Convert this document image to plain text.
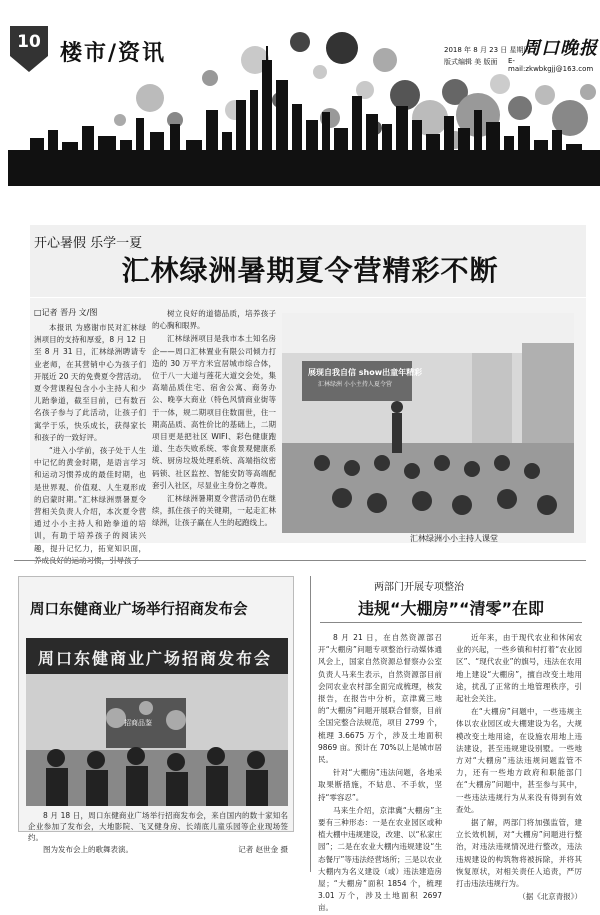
10 楼市/资讯	2018 年 8 月 23 日 星期四
周口晚报
版式编辑 美 版面 E-mail:zkwbkgjj@163.com
开心暑假 乐学一夏
汇林绿洲暑期夏令营精彩不断
□记者 晋丹 文/图

本报讯 为感谢市民对汇林绿洲项目的支持和厚爱，8 月 12 日至 8 月 31 日，汇林绿洲聘请专业老师，在其营销中心为孩子们开展近 20 天的免费夏令营活动。夏令营课程包含小小主持人和少儿跆拳道，截至目前，已有数百名孩子参与了此活动，让孩子们寓学于乐，快乐成长，获得家长和孩子的一致好评。

“进入小学前，孩子处于人生中记忆的黄金时期，是语言学习和运动习惯养成的最佳时期，也是世界观、价值观、人生观形成的启蒙时期。”汇林绿洲票暑夏令营相关负责人介绍，本次夏令营通过小小主持人和跆拳道的培训，有助于培养孩子的阅读兴趣，提升记忆力，拓宽知识面，

树立良好的道德品质，培养孩子的心胸和眼界。

汇林绿洲项目是我市本土知名房企——周口汇林置业有限公司倾力打造的 30 万平方米宜居城市综合体，位于八一大道与莲花大道交会处，集高端品质住宅、宿舍公寓、商务办公、晚享大商业（特色风情商业街等于一体，规二期项目住数面世，住一期高品质、高性价比的基础上，二期项目更是把社区 WIFI、彩色健康跑道、生态失败系统、零食景观健康系统、厨房垃圾处理系统、高端指纹密码锁、社区监控、智能安防等高端配套引入社区，尽显业主身份之尊贵。

汇林绿洲暑期夏令营活动仍在继续，抓住孩子的关键期，一起走汇林绿洲，让孩子赢在人生的起跑线上。

展现自我自信 show出童年精彩
汇林绿洲 小小主持人夏令营
汇林绿洲小小主持人课堂
周口东健商业广场举行招商发布会
周口东健商业广场招商发布会
招商品鉴

8 月 18 日，周口东健商业广场举行招商发布会，来自国内的数十家知名企业参加了发布会，大地影院、飞叉健身房、长靖底儿童乐园等企业现场签约。

图为发布会上的歌舞表演。	记者 赵世金 摄

两部门开展专项整治
违规“大棚房”“清零”在即

8 月 21 日，在自然资源部召开“大棚房”问题专项整治行动媒体通风会上，国家自然资源总督察办公室负责人马来生表示，自然资源部目前会同农业农村部全面完成梳理，核发报告，在报告中分析，京津冀三地的“大棚房”问题开展联合督察，目前全国完整合法规范，项目 2799 个，梳理 3.6675 万个，涉及土地面积 9869 亩。预计在 70%以上是城市居民。

针对“大棚房”违法问题，各地采取果断措施，不姑息、不手软，坚持“零容忍”。

马来生介绍，京津冀“大棚房”主要有三种形态：一是在农业园区或种植大棚中违规建设，改建、以“私家庄园”；二是在农业大棚内违规建设“生态餐厅”等违法经营场所；三是以农业大棚内为名义建设（或）违法建造房屋；“大棚房”面积 1854 个，梳理 3.01 万个，涉及土地面积 2697 亩。

近年来，由于现代农业和休闲农业的兴起，一些乡镇和村打着“农业园区”、“现代农业”的旗号，违法在农用地上建设“大棚房”，擅自改变土地用途，扰乱了正常的土地管理秩序，引起社会关注。

在“大棚房”问题中，一些违规主体以农业园区或大棚建设为名，大规模改变土地用途，在设施农用地上违法建设，甚至违规建设别墅。一些地方对“大棚房”违法违规问题监管不力，还有一些地方政府和职能部门在“大棚房”问题中，甚至参与其中，一些违法违规行为从来没有得到有效查处。

据了解，两部门将加强监管，建立长效机制，对“大棚房”问题进行整治，对违法违规情况进行整改，违法违规建设的构筑物将被拆除，并将其恢复原状，对相关责任人追责，严厉打击违法违规行为。

（据《北京青报》）
